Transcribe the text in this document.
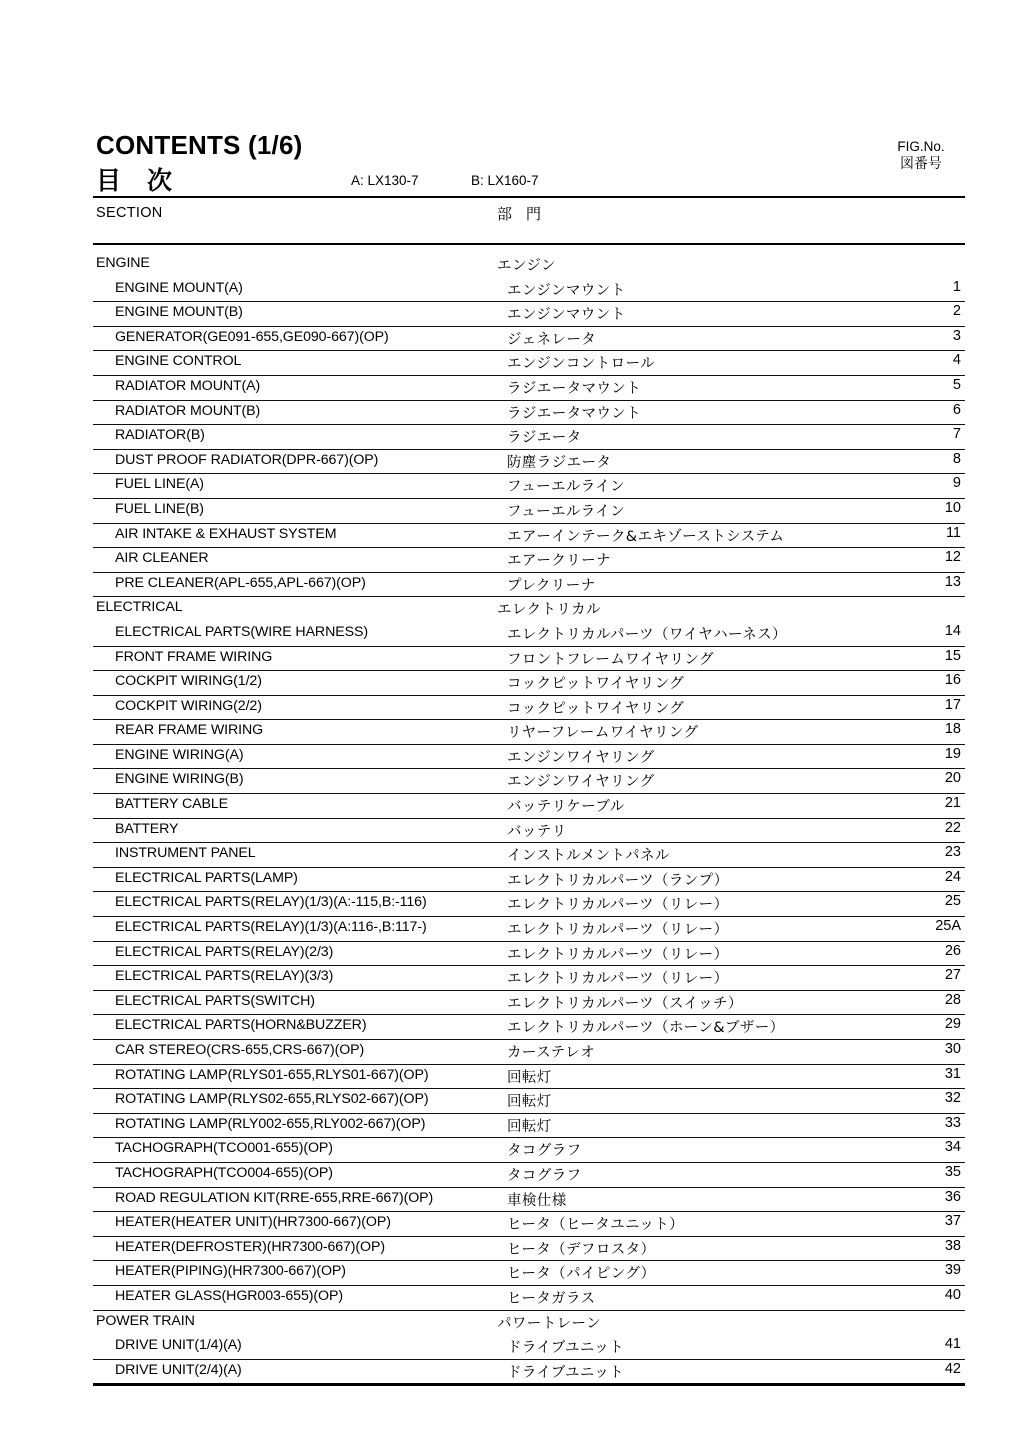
CONTENTS (1/6)
目次	A: LX130-7	B: LX160-7
FIG.No.
図番号
SECTION	部門
ENGINE	エンジン
ENGINE MOUNT(A)	エンジンマウント	1
ENGINE MOUNT(B)	エンジンマウント	2
GENERATOR(GE091-655,GE090-667)(OP)	ジェネレータ	3
ENGINE CONTROL	エンジンコントロール	4
RADIATOR MOUNT(A)	ラジエータマウント	5
RADIATOR MOUNT(B)	ラジエータマウント	6
RADIATOR(B)	ラジエータ	7
DUST PROOF RADIATOR(DPR-667)(OP)	防塵ラジエータ	8
FUEL LINE(A)	フューエルライン	9
FUEL LINE(B)	フューエルライン	10
AIR INTAKE & EXHAUST SYSTEM	エアーインテーク&エキゾーストシステム	11
AIR CLEANER	エアークリーナ	12
PRE CLEANER(APL-655,APL-667)(OP)	プレクリーナ	13
ELECTRICAL	エレクトリカル
ELECTRICAL PARTS(WIRE HARNESS)	エレクトリカルパーツ（ワイヤハーネス）	14
FRONT FRAME WIRING	フロントフレームワイヤリング	15
COCKPIT WIRING(1/2)	コックピットワイヤリング	16
COCKPIT WIRING(2/2)	コックピットワイヤリング	17
REAR FRAME WIRING	リヤーフレームワイヤリング	18
ENGINE WIRING(A)	エンジンワイヤリング	19
ENGINE WIRING(B)	エンジンワイヤリング	20
BATTERY CABLE	バッテリケーブル	21
BATTERY	バッテリ	22
INSTRUMENT PANEL	インストルメントパネル	23
ELECTRICAL PARTS(LAMP)	エレクトリカルパーツ（ランプ）	24
ELECTRICAL PARTS(RELAY)(1/3)(A:-115,B:-116)	エレクトリカルパーツ（リレー）	25
ELECTRICAL PARTS(RELAY)(1/3)(A:116-,B:117-)	エレクトリカルパーツ（リレー）	25A
ELECTRICAL PARTS(RELAY)(2/3)	エレクトリカルパーツ（リレー）	26
ELECTRICAL PARTS(RELAY)(3/3)	エレクトリカルパーツ（リレー）	27
ELECTRICAL PARTS(SWITCH)	エレクトリカルパーツ（スイッチ）	28
ELECTRICAL PARTS(HORN&BUZZER)	エレクトリカルパーツ（ホーン&ブザー）	29
CAR STEREO(CRS-655,CRS-667)(OP)	カーステレオ	30
ROTATING LAMP(RLYS01-655,RLYS01-667)(OP)	回転灯	31
ROTATING LAMP(RLYS02-655,RLYS02-667)(OP)	回転灯	32
ROTATING LAMP(RLY002-655,RLY002-667)(OP)	回転灯	33
TACHOGRAPH(TCO001-655)(OP)	タコグラフ	34
TACHOGRAPH(TCO004-655)(OP)	タコグラフ	35
ROAD REGULATION KIT(RRE-655,RRE-667)(OP)	車検仕様	36
HEATER(HEATER UNIT)(HR7300-667)(OP)	ヒータ（ヒータユニット）	37
HEATER(DEFROSTER)(HR7300-667)(OP)	ヒータ（デフロスタ）	38
HEATER(PIPING)(HR7300-667)(OP)	ヒータ（パイピング）	39
HEATER GLASS(HGR003-655)(OP)	ヒータガラス	40
POWER TRAIN	パワートレーン
DRIVE UNIT(1/4)(A)	ドライブユニット	41
DRIVE UNIT(2/4)(A)	ドライブユニット	42
